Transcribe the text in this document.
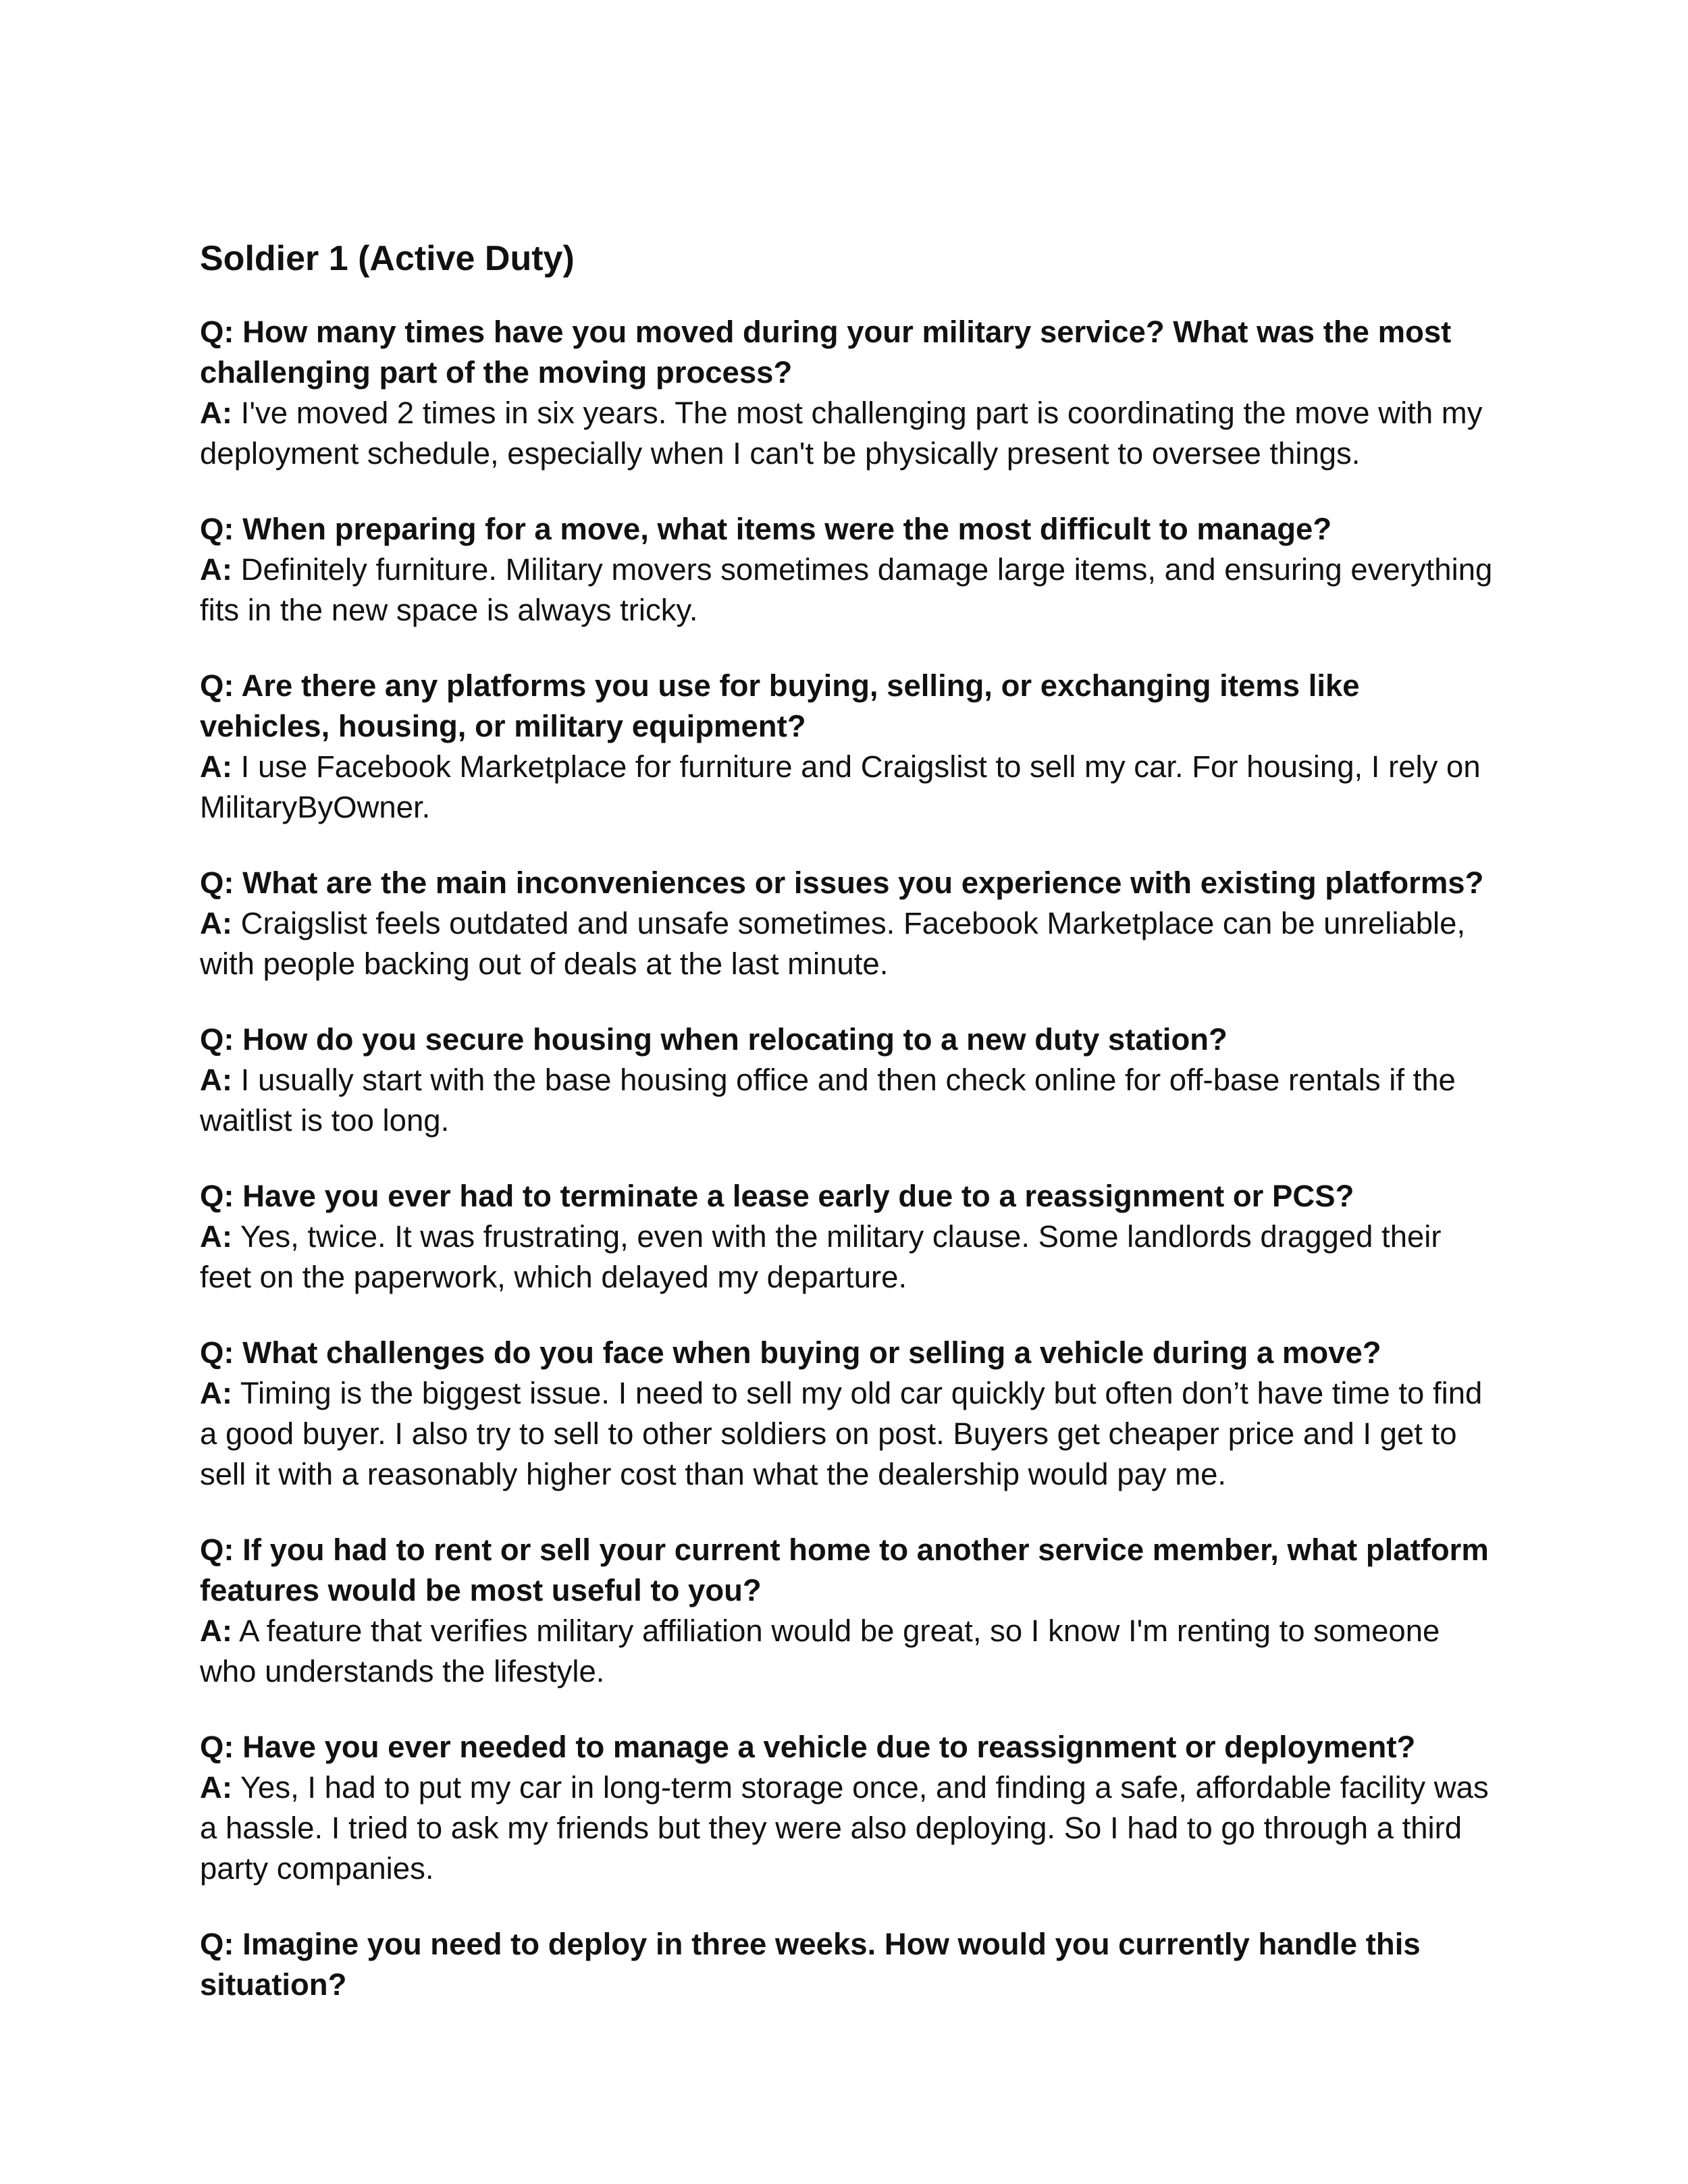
Soldier 1 (Active Duty)

Q: How many times have you moved during your military service? What was the most challenging part of the moving process?

A: I've moved 2 times in six years. The most challenging part is coordinating the move with my deployment schedule, especially when I can't be physically present to oversee things.

Q: When preparing for a move, what items were the most difficult to manage?

A: Definitely furniture. Military movers sometimes damage large items, and ensuring everything fits in the new space is always tricky.

Q: Are there any platforms you use for buying, selling, or exchanging items like vehicles, housing, or military equipment?

A: I use Facebook Marketplace for furniture and Craigslist to sell my car. For housing, I rely on MilitaryByOwner.

Q: What are the main inconveniences or issues you experience with existing platforms?

A: Craigslist feels outdated and unsafe sometimes. Facebook Marketplace can be unreliable, with people backing out of deals at the last minute.

Q: How do you secure housing when relocating to a new duty station?

A: I usually start with the base housing office and then check online for off-base rentals if the waitlist is too long.

Q: Have you ever had to terminate a lease early due to a reassignment or PCS?

A: Yes, twice. It was frustrating, even with the military clause. Some landlords dragged their feet on the paperwork, which delayed my departure.

Q: What challenges do you face when buying or selling a vehicle during a move?

A: Timing is the biggest issue. I need to sell my old car quickly but often don’t have time to find a good buyer. I also try to sell to other soldiers on post. Buyers get cheaper price and I get to sell it with a reasonably higher cost than what the dealership would pay me.

Q: If you had to rent or sell your current home to another service member, what platform features would be most useful to you?

A: A feature that verifies military affiliation would be great, so I know I'm renting to someone who understands the lifestyle.

Q: Have you ever needed to manage a vehicle due to reassignment or deployment?

A: Yes, I had to put my car in long-term storage once, and finding a safe, affordable facility was a hassle. I tried to ask my friends but they were also deploying. So I had to go through a third party companies.

Q: Imagine you need to deploy in three weeks. How would you currently handle this situation?
